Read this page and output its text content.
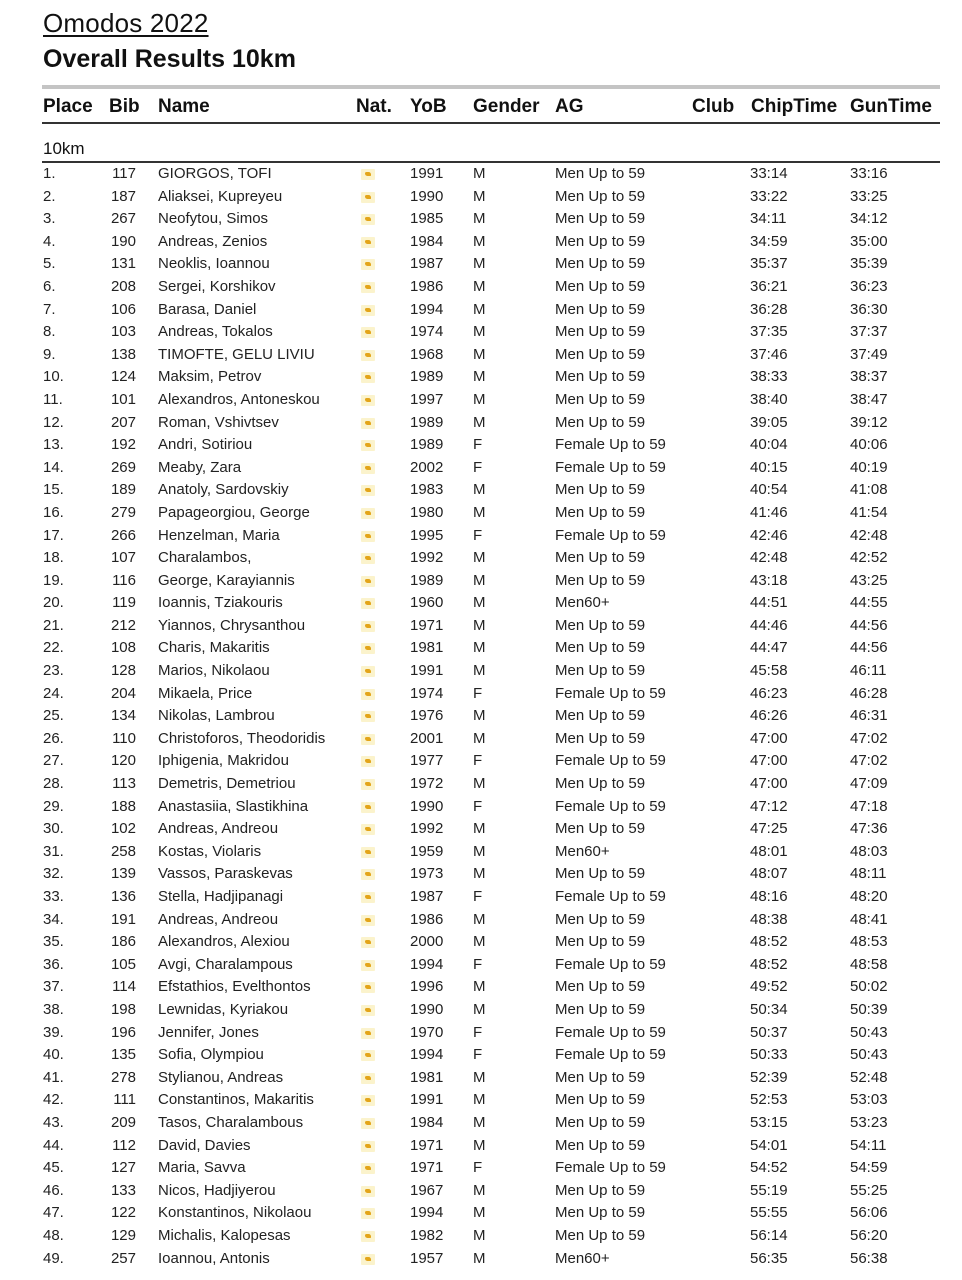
Omodos 2022
Overall Results 10km
Place Bib Name	Nat. YoB Gender AG	Club ChipTime GunTime
10km
1.	117 GIORGOS, TOFI	1991 M	Men Up to 59	33:14	33:16
2.	187 Aliaksei, Kupreyeu	1990 M	Men Up to 59	33:22	33:25
3.	267 Neofytou, Simos	1985 M	Men Up to 59	34:11	34:12
4.	190 Andreas, Zenios	1984 M	Men Up to 59	34:59	35:00
5.	131 Neoklis, Ioannou	1987 M	Men Up to 59	35:37	35:39
6.	208 Sergei, Korshikov	1986 M	Men Up to 59	36:21	36:23
7.	106 Barasa, Daniel	1994 M	Men Up to 59	36:28	36:30
8.	103 Andreas, Tokalos	1974 M	Men Up to 59	37:35	37:37
9.	138 TIMOFTE, GELU LIVIU	1968 M	Men Up to 59	37:46	37:49
10.	124 Maksim, Petrov	1989 M	Men Up to 59	38:33	38:37
11.	101 Alexandros, Antoneskou	1997 M	Men Up to 59	38:40	38:47
12.	207 Roman, Vshivtsev	1989 M	Men Up to 59	39:05	39:12
13.	192 Andri, Sotiriou	1989 F	Female Up to 59	40:04	40:06
14.	269 Meaby, Zara	2002 F	Female Up to 59	40:15	40:19
15.	189 Anatoly, Sardovskiy	1983 M	Men Up to 59	40:54	41:08
16.	279 Papageorgiou, George	1980 M	Men Up to 59	41:46	41:54
17.	266 Henzelman, Maria	1995 F	Female Up to 59	42:46	42:48
18.	107 Charalambos,	1992 M	Men Up to 59	42:48	42:52
19.	116 George, Karayiannis	1989 M	Men Up to 59	43:18	43:25
20.	119 Ioannis, Tziakouris	1960 M	Men60+	44:51	44:55
21.	212 Yiannos, Chrysanthou	1971 M	Men Up to 59	44:46	44:56
22.	108 Charis, Makaritis	1981 M	Men Up to 59	44:47	44:56
23.	128 Marios, Nikolaou	1991 M	Men Up to 59	45:58	46:11
24.	204 Mikaela, Price	1974 F	Female Up to 59	46:23	46:28
25.	134 Nikolas, Lambrou	1976 M	Men Up to 59	46:26	46:31
26.	110 Christoforos, Theodoridis	2001 M	Men Up to 59	47:00	47:02
27.	120 Iphigenia, Makridou	1977 F	Female Up to 59	47:00	47:02
28.	113 Demetris, Demetriou	1972 M	Men Up to 59	47:00	47:09
29.	188 Anastasiia, Slastikhina	1990 F	Female Up to 59	47:12	47:18
30.	102 Andreas, Andreou	1992 M	Men Up to 59	47:25	47:36
31.	258 Kostas, Violaris	1959 M	Men60+	48:01	48:03
32.	139 Vassos, Paraskevas	1973 M	Men Up to 59	48:07	48:11
33.	136 Stella, Hadjipanagi	1987 F	Female Up to 59	48:16	48:20
34.	191 Andreas, Andreou	1986 M	Men Up to 59	48:38	48:41
35.	186 Alexandros, Alexiou	2000 M	Men Up to 59	48:52	48:53
36.	105 Avgi, Charalampous	1994 F	Female Up to 59	48:52	48:58
37.	114 Efstathios, Evelthontos	1996 M	Men Up to 59	49:52	50:02
38.	198 Lewnidas, Kyriakou	1990 M	Men Up to 59	50:34	50:39
39.	196 Jennifer, Jones	1970 F	Female Up to 59	50:37	50:43
40.	135 Sofia, Olympiou	1994 F	Female Up to 59	50:33	50:43
41.	278 Stylianou, Andreas	1981 M	Men Up to 59	52:39	52:48
42.	111 Constantinos, Makaritis	1991 M	Men Up to 59	52:53	53:03
43.	209 Tasos, Charalambous	1984 M	Men Up to 59	53:15	53:23
44.	112 David, Davies	1971 M	Men Up to 59	54:01	54:11
45.	127 Maria, Savva	1971 F	Female Up to 59	54:52	54:59
46.	133 Nicos, Hadjiyerou	1967 M	Men Up to 59	55:19	55:25
47.	122 Konstantinos, Nikolaou	1994 M	Men Up to 59	55:55	56:06
48.	129 Michalis, Kalopesas	1982 M	Men Up to 59	56:14	56:20
49.	257 Ioannou, Antonis	1957 M	Men60+	56:35	56:38
